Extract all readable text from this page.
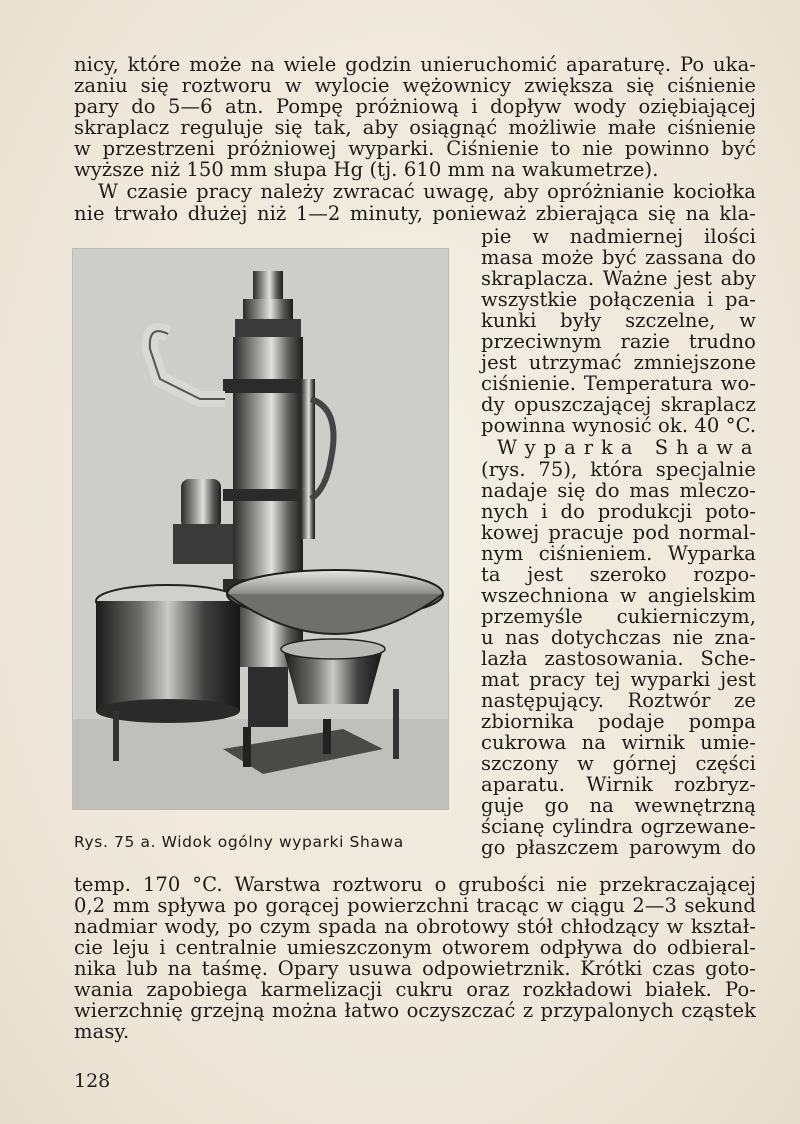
nicy, które może na wiele godzin unieruchomić aparaturę. Po uka-
zaniu się roztworu w wylocie wężownicy zwiększa się ciśnienie
pary do 5—6 atn. Pompę próżniową i dopływ wody oziębiającej
skraplacz reguluje się tak, aby osiągnąć możliwie małe ciśnienie
w przestrzeni próżniowej wyparki. Ciśnienie to nie powinno być
wyższe niż 150 mm słupa Hg (tj. 610 mm na wakumetrze).
W czasie pracy należy zwracać uwagę, aby opróżnianie kociołka
nie trwało dłużej niż 1—2 minuty, ponieważ zbierająca się na kla-
pie w nadmiernej ilości
masa może być zassana do
skraplacza. Ważne jest aby
wszystkie połączenia i pa-
kunki były szczelne, w
przeciwnym razie trudno
jest utrzymać zmniejszone
ciśnienie. Temperatura wo-
dy opuszczającej skraplacz
powinna wynosić ok. 40 °C.
Wyparka Shawa
(rys. 75), która specjalnie
nadaje się do mas mleczo-
nych i do produkcji poto-
kowej pracuje pod normal-
nym ciśnieniem. Wyparka
ta jest szeroko rozpo-
wszechniona w angielskim
przemyśle cukierniczym,
u nas dotychczas nie zna-
lazła zastosowania. Sche-
mat pracy tej wyparki jest
następujący. Roztwór ze
zbiornika podaje pompa
cukrowa na wirnik umie-
szczony w górnej części
aparatu. Wirnik rozbryz-
guje go na wewnętrzną
ścianę cylindra ogrzewane-
go płaszczem parowym do
Rys. 75 a. Widok ogólny wyparki Shawa
temp. 170 °C. Warstwa roztworu o grubości nie przekraczającej
0,2 mm spływa po gorącej powierzchni tracąc w ciągu 2—3 sekund
nadmiar wody, po czym spada na obrotowy stół chłodzący w kształ-
cie leju i centralnie umieszczonym otworem odpływa do odbieral-
nika lub na taśmę. Opary usuwa odpowietrznik. Krótki czas goto-
wania zapobiega karmelizacji cukru oraz rozkładowi białek. Po-
wierzchnię grzejną można łatwo oczyszczać z przypalonych cząstek
masy.
128
